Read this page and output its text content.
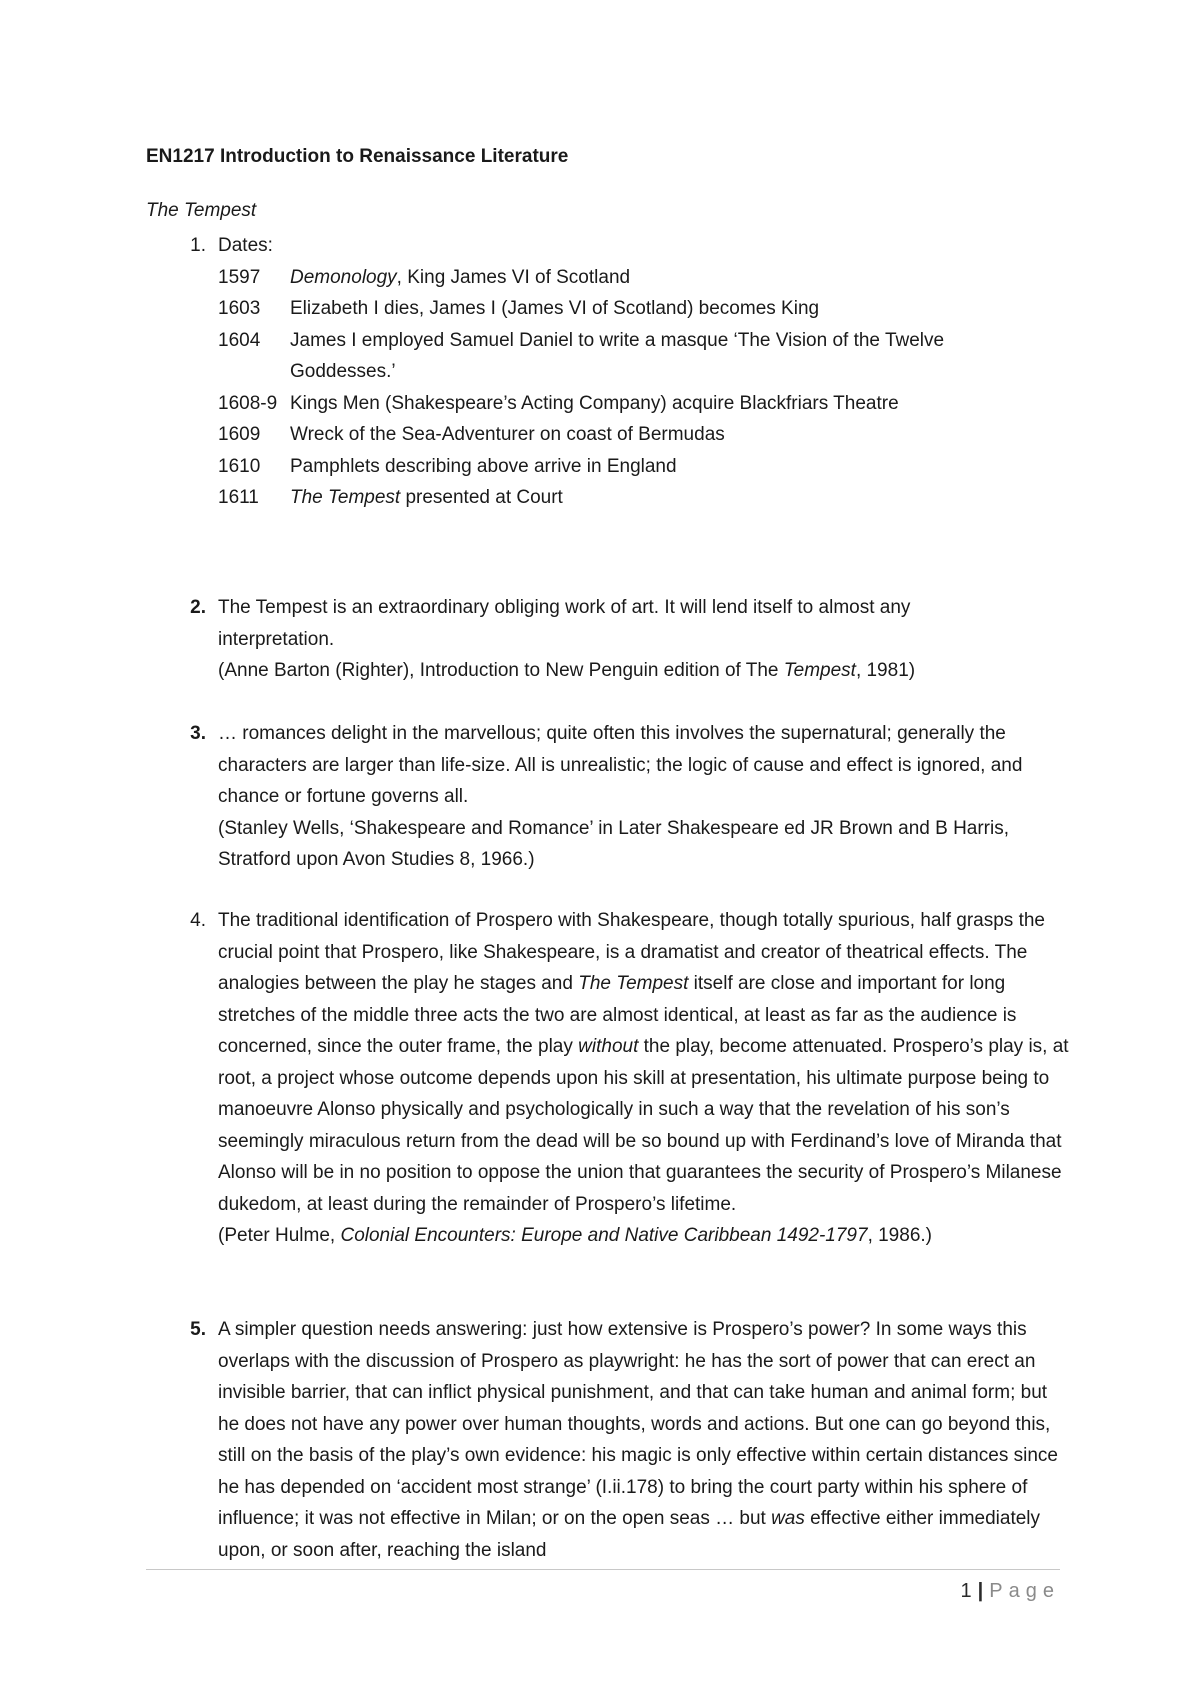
EN1217 Introduction to Renaissance Literature
The Tempest
1. Dates:
1597	Demonology, King James VI of Scotland
1603	Elizabeth I dies, James I (James VI of Scotland) becomes King
1604	James I employed Samuel Daniel to write a masque ‘The Vision of the Twelve Goddesses.’
1608-9 Kings Men (Shakespeare’s Acting Company) acquire Blackfriars Theatre
1609	Wreck of the Sea-Adventurer on coast of Bermudas
1610	Pamphlets describing above arrive in England
1611	The Tempest presented at Court
2. The Tempest is an extraordinary obliging work of art. It will lend itself to almost any interpretation.
(Anne Barton (Righter), Introduction to New Penguin edition of The Tempest, 1981)
3. … romances delight in the marvellous; quite often this involves the supernatural; generally the characters are larger than life-size. All is unrealistic; the logic of cause and effect is ignored, and chance or fortune governs all.
(Stanley Wells, ‘Shakespeare and Romance’ in Later Shakespeare ed JR Brown and B Harris, Stratford upon Avon Studies 8, 1966.)
4. The traditional identification of Prospero with Shakespeare, though totally spurious, half grasps the crucial point that Prospero, like Shakespeare, is a dramatist and creator of theatrical effects. The analogies between the play he stages and The Tempest itself are close and important for long stretches of the middle three acts the two are almost identical, at least as far as the audience is concerned, since the outer frame, the play without the play, become attenuated. Prospero’s play is, at root, a project whose outcome depends upon his skill at presentation, his ultimate purpose being to manoeuvre Alonso physically and psychologically in such a way that the revelation of his son’s seemingly miraculous return from the dead will be so bound up with Ferdinand’s love of Miranda that Alonso will be in no position to oppose the union that guarantees the security of Prospero’s Milanese dukedom, at least during the remainder of Prospero’s lifetime.
(Peter Hulme, Colonial Encounters: Europe and Native Caribbean 1492-1797, 1986.)
5. A simpler question needs answering: just how extensive is Prospero’s power? In some ways this overlaps with the discussion of Prospero as playwright: he has the sort of power that can erect an invisible barrier, that can inflict physical punishment, and that can take human and animal form; but he does not have any power over human thoughts, words and actions. But one can go beyond this, still on the basis of the play’s own evidence: his magic is only effective within certain distances since he has depended on ‘accident most strange’ (I.ii.178) to bring the court party within his sphere of influence; it was not effective in Milan; or on the open seas … but was effective either immediately upon, or soon after, reaching the island
1 | Page
